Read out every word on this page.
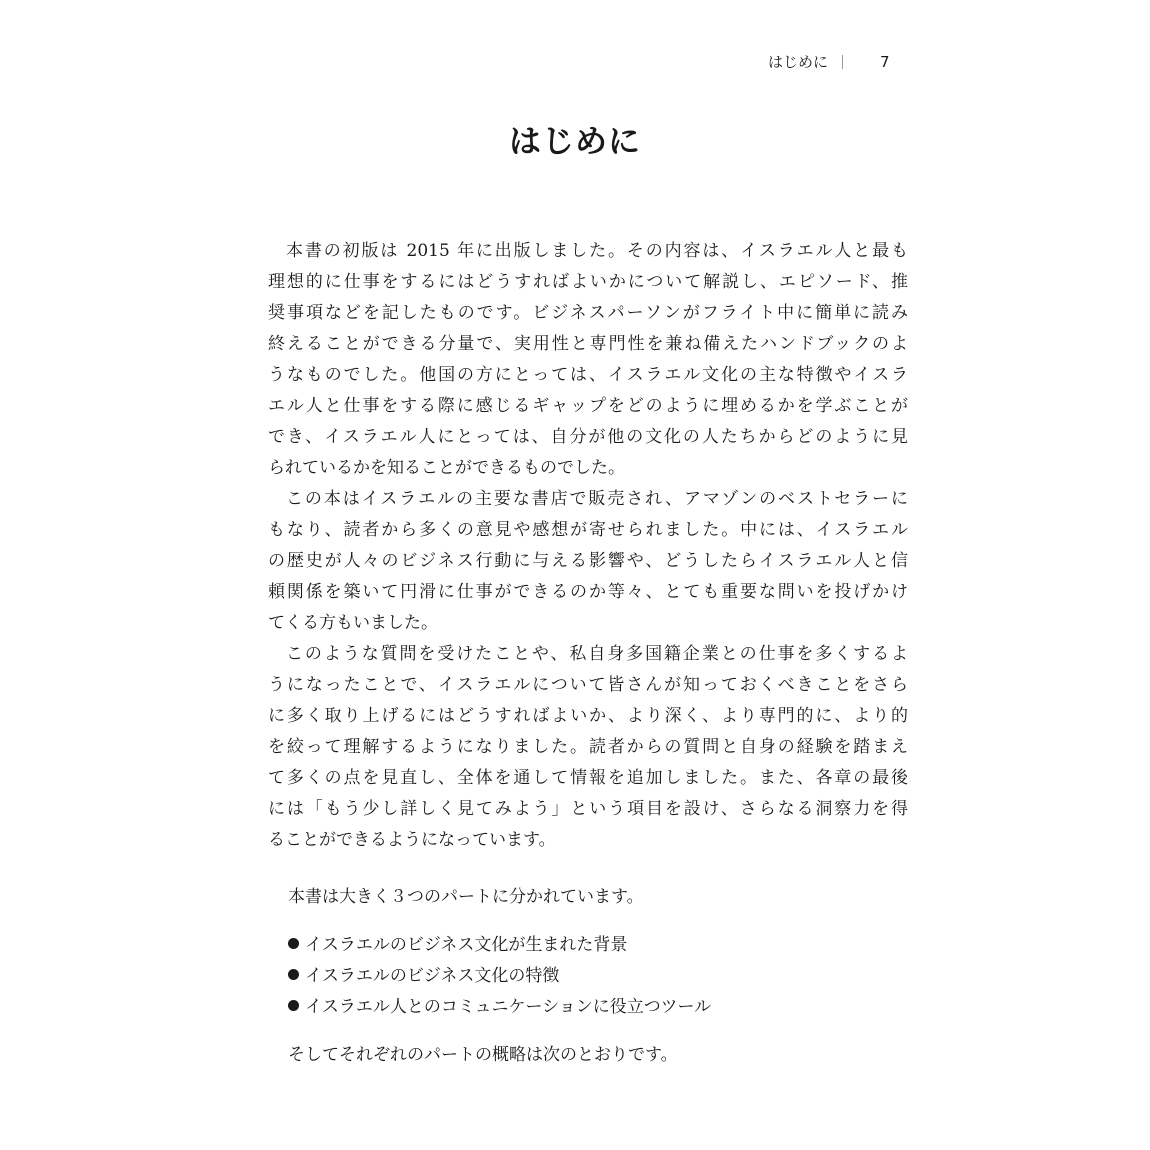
はじめに	7
はじめに
本書の初版は 2015 年に出版しました。その内容は、イスラエル人と最も
理想的に仕事をするにはどうすればよいかについて解説し、エピソード、推
奨事項などを記したものです。ビジネスパーソンがフライト中に簡単に読み
終えることができる分量で、実用性と専門性を兼ね備えたハンドブックのよ
うなものでした。他国の方にとっては、イスラエル文化の主な特徴やイスラ
エル人と仕事をする際に感じるギャップをどのように埋めるかを学ぶことが
でき、イスラエル人にとっては、自分が他の文化の人たちからどのように見
られているかを知ることができるものでした。
この本はイスラエルの主要な書店で販売され、アマゾンのベストセラーに
もなり、読者から多くの意見や感想が寄せられました。中には、イスラエル
の歴史が人々のビジネス行動に与える影響や、どうしたらイスラエル人と信
頼関係を築いて円滑に仕事ができるのか等々、とても重要な問いを投げかけ
てくる方もいました。
このような質問を受けたことや、私自身多国籍企業との仕事を多くするよ
うになったことで、イスラエルについて皆さんが知っておくべきことをさら
に多く取り上げるにはどうすればよいか、より深く、より専門的に、より的
を絞って理解するようになりました。読者からの質問と自身の経験を踏まえ
て多くの点を見直し、全体を通して情報を追加しました。また、各章の最後
には「もう少し詳しく見てみよう」という項目を設け、さらなる洞察力を得
ることができるようになっています。
本書は大きく３つのパートに分かれています。
イスラエルのビジネス文化が生まれた背景
イスラエルのビジネス文化の特徴
イスラエル人とのコミュニケーションに役立つツール
そしてそれぞれのパートの概略は次のとおりです。
